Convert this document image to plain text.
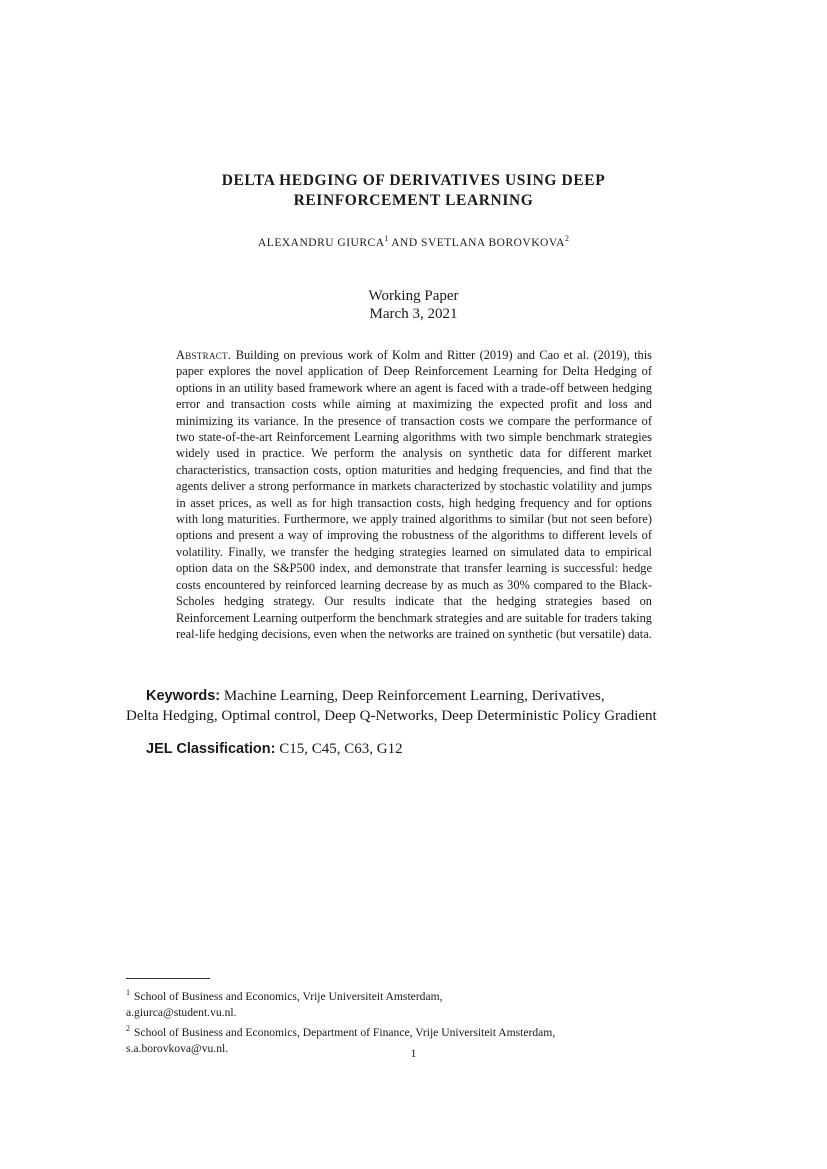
DELTA HEDGING OF DERIVATIVES USING DEEP
REINFORCEMENT LEARNING
ALEXANDRU GIURCA$^1$ AND SVETLANA BOROVKOVA$^2$
Working Paper
March 3, 2021
Abstract. Building on previous work of Kolm and Ritter (2019) and Cao et al. (2019), this paper explores the novel application of Deep Reinforcement Learning for Delta Hedging of options in an utility based framework where an agent is faced with a trade-off between hedging error and transaction costs while aiming at maximizing the expected profit and loss and minimizing its variance. In the presence of transaction costs we compare the performance of two state-of-the-art Reinforcement Learning algorithms with two simple benchmark strategies widely used in practice. We perform the analysis on synthetic data for different market characteristics, transaction costs, option maturities and hedging frequencies, and find that the agents deliver a strong performance in markets characterized by stochastic volatility and jumps in asset prices, as well as for high transaction costs, high hedging frequency and for options with long maturities. Furthermore, we apply trained algorithms to similar (but not seen before) options and present a way of improving the robustness of the algorithms to different levels of volatility. Finally, we transfer the hedging strategies learned on simulated data to empirical option data on the S&P500 index, and demonstrate that transfer learning is successful: hedge costs encountered by reinforced learning decrease by as much as 30% compared to the Black- Scholes hedging strategy. Our results indicate that the hedging strategies based on Reinforcement Learning outperform the benchmark strategies and are suitable for traders taking real-life hedging decisions, even when the networks are trained on synthetic (but versatile) data.
Keywords: Machine Learning, Deep Reinforcement Learning, Derivatives,
Delta Hedging, Optimal control, Deep Q-Networks, Deep Deterministic Policy Gradient
JEL Classification: C15, C45, C63, G12
$^1$ School of Business and Economics, Vrije Universiteit Amsterdam,
a.giurca@student.vu.nl.
$^2$ School of Business and Economics, Department of Finance, Vrije Universiteit Amsterdam,
s.a.borovkova@vu.nl.	1
